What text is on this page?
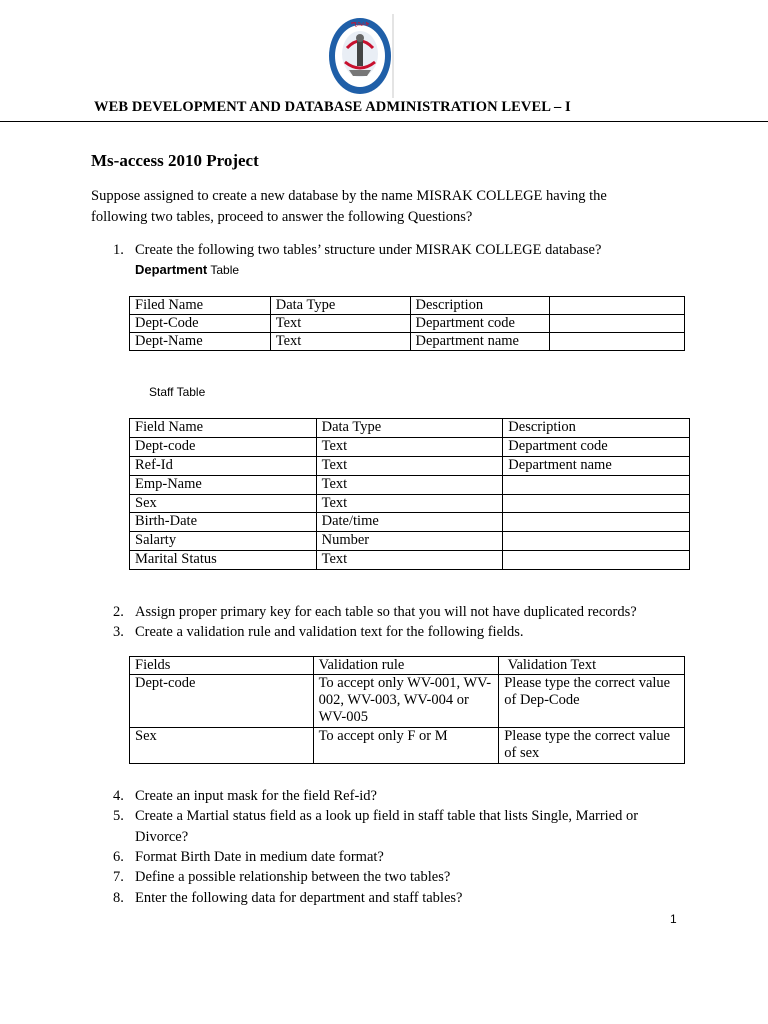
ሚስራቅ
WEB DEVELOPMENT AND DATABASE ADMINISTRATION LEVEL – I
Ms-access 2010 Project
Suppose assigned to create a new database by the name MISRAK COLLEGE having the following two tables, proceed to answer the following Questions?
1. Create the following two tables’ structure under MISRAK COLLEGE database?
Department Table
Filed Name	Data Type	Description	
Dept-Code	Text	Department code	
Dept-Name	Text	Department name	
Staff Table
Field Name	Data Type	Description
Dept-code	Text	Department code
Ref-Id	Text	Department name
Emp-Name	Text	
Sex	Text	
Birth-Date	Date/time	
Salarty	Number	
Marital Status	Text	
2. Assign proper primary key for each table so that you will not have duplicated records?
3. Create a validation rule and validation text for the following fields.
Fields	Validation rule	Validation Text
Dept-code	To accept only WV-001, WV-002, WV-003, WV-004 or WV-005	Please type the correct value of Dep-Code
Sex	To accept only F or M	Please type the correct value of sex
4. Create an input mask for the field Ref-id?
5. Create a Martial status field as a look up field in staff table that lists Single, Married or
Divorce?
6. Format Birth Date in medium date format?
7. Define a possible relationship between the two tables?
8. Enter the following data for department and staff tables?
1
